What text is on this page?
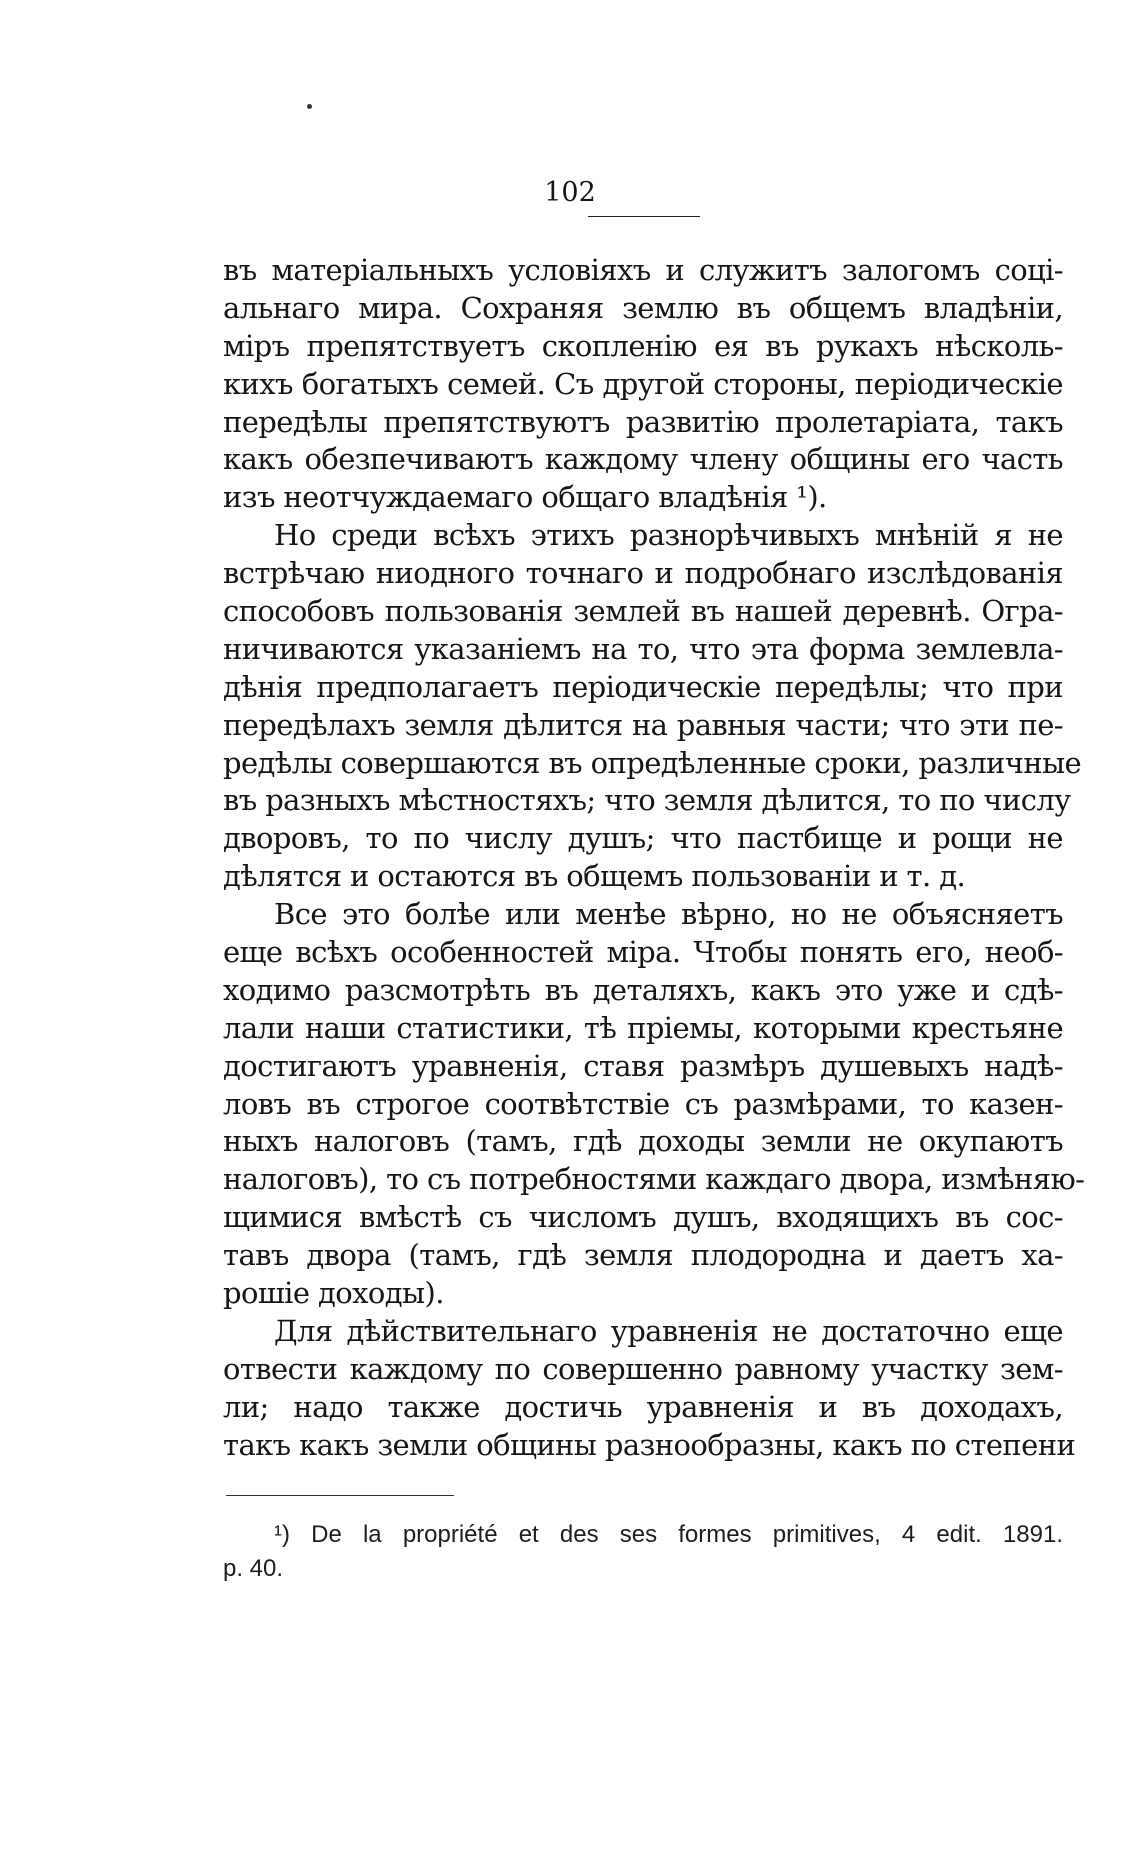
102
въ матеріальныхъ условіяхъ и служитъ залогомъ соці-
альнаго мира. Сохраняя землю въ общемъ владѣніи,
міръ препятствуетъ скопленію ея въ рукахъ нѣсколь-
кихъ богатыхъ семей. Съ другой стороны, періодическіе
передѣлы препятствуютъ развитію пролетаріата, такъ
какъ обезпечиваютъ каждому члену общины его часть
изъ неотчуждаемаго общаго владѣнія ¹).
Но среди всѣхъ этихъ разнорѣчивыхъ мнѣній я не
встрѣчаю ниодного точнаго и подробнаго изслѣдованія
способовъ пользованія землей въ нашей деревнѣ. Огра-
ничиваются указаніемъ на то, что эта форма землевла-
дѣнія предполагаетъ періодическіе передѣлы; что при
передѣлахъ земля дѣлится на равныя части; что эти пе-
редѣлы совершаются въ опредѣленные сроки, различные
въ разныхъ мѣстностяхъ; что земля дѣлится, то по числу
дворовъ, то по числу душъ; что пастбище и рощи не
дѣлятся и остаются въ общемъ пользованіи и т. д.
Все это болѣе или менѣе вѣрно, но не объясняетъ
еще всѣхъ особенностей міра. Чтобы понять его, необ-
ходимо разсмотрѣть въ деталяхъ, какъ это уже и сдѣ-
лали наши статистики, тѣ пріемы, которыми крестьяне
достигаютъ уравненія, ставя размѣръ душевыхъ надѣ-
ловъ въ строгое соотвѣтствіе съ размѣрами, то казен-
ныхъ налоговъ (тамъ, гдѣ доходы земли не окупаютъ
налоговъ), то съ потребностями каждаго двора, измѣняю-
щимися вмѣстѣ съ числомъ душъ, входящихъ въ сос-
тавъ двора (тамъ, гдѣ земля плодородна и даетъ ха-
рошіе доходы).
Для дѣйствительнаго уравненія не достаточно еще
отвести каждому по совершенно равному участку зем-
ли; надо также достичь уравненія и въ доходахъ,
такъ какъ земли общины разнообразны, какъ по степени
¹) De la propriété et des ses formes primitives, 4 edit. 1891.
p. 40.
